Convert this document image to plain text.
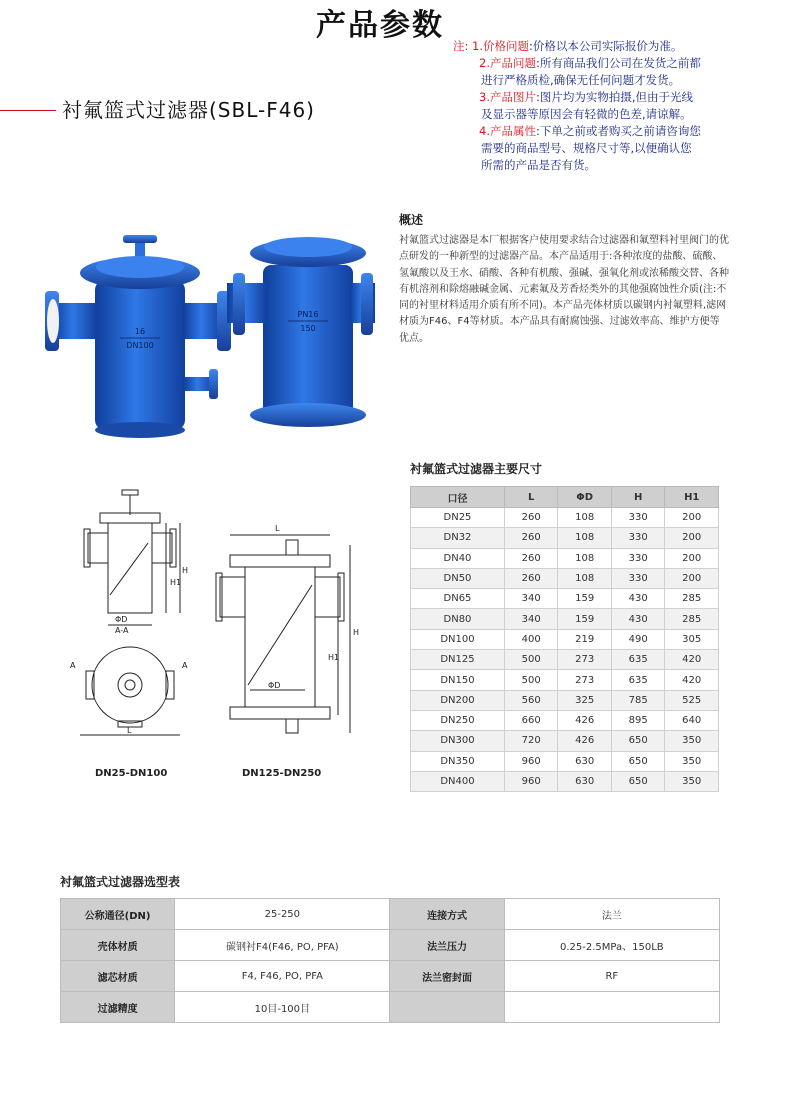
产品参数

注: 1.价格问题:价格以本公司实际报价为准。

2.产品问题:所有商品我们公司在发货之前都

进行严格质检,确保无任何问题才发货。

3.产品图片:图片均为实物拍摄,但由于光线

及显示器等原因会有轻微的色差,请谅解。

4.产品属性:下单之前或者购买之前请咨询您

需要的商品型号、规格尺寸等,以便确认您

所需的产品是否有货。

衬氟篮式过滤器(SBL-F46)
16
DN100
PN16
150
概述
衬氟篮式过滤器是本厂根据客户使用要求结合过滤器和氟塑料衬里阀门的优点研发的一种新型的过滤器产品。本产品适用于:各种浓度的盐酸、硫酸、氢氟酸以及王水、硝酸、各种有机酸、强碱、强氧化剂或浓稀酸交替、各种有机溶剂和除熔融碱金属、元素氟及芳香烃类外的其他强腐蚀性介质(注:不同的衬里材料适用介质有所不同)。本产品壳体材质以碳钢内衬氟塑料,滤网材质为F46、F4等材质。本产品具有耐腐蚀强、过滤效率高、维护方便等优点。
ΦD
A-A
H1
H
L
A	A
L
ΦD
H
H1
DN25-DN100	DN125-DN250
衬氟篮式过滤器主要尺寸
口径	L	ΦD	H	H1
DN25	260	108	330	200
DN32	260	108	330	200
DN40	260	108	330	200
DN50	260	108	330	200
DN65	340	159	430	285
DN80	340	159	430	285
DN100	400	219	490	305
DN125	500	273	635	420
DN150	500	273	635	420
DN200	560	325	785	525
DN250	660	426	895	640
DN300	720	426	650	350
DN350	960	630	650	350
DN400	960	630	650	350
衬氟篮式过滤器选型表
公称通径(DN)	25-250	连接方式	法兰
壳体材质	碳钢衬F4(F46, PO, PFA)	法兰压力	0.25-2.5MPa、150LB
滤芯材质	F4, F46, PO, PFA	法兰密封面	RF
过滤精度	10目-100目		
